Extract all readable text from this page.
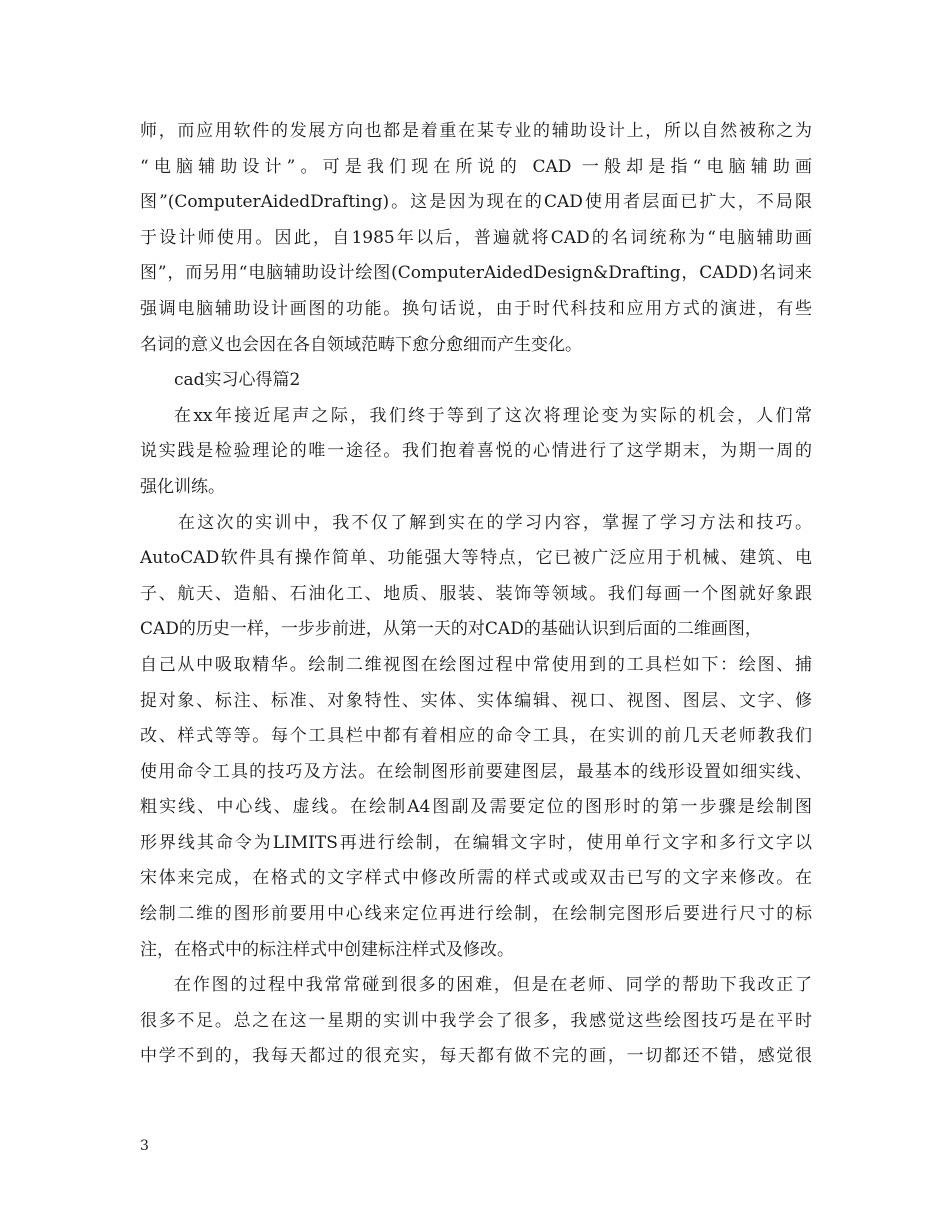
师，而应用软件的发展方向也都是着重在某专业的辅助设计上，所以自然被称之为
“电脑辅助设计”。可是我们现在所说的 CAD 一般却是指“电脑辅助画
图”(ComputerAidedDrafting)。这是因为现在的CAD使用者层面已扩大，不局限
于设计师使用。因此，自1985年以后，普遍就将CAD的名词统称为“电脑辅助画
图”，而另用“电脑辅助设计绘图(ComputerAidedDesign&Drafting，CADD)名词来
强调电脑辅助设计画图的功能。换句话说，由于时代科技和应用方式的演进，有些
名词的意义也会因在各自领域范畴下愈分愈细而产生变化。
cad实习心得篇2
在xx年接近尾声之际，我们终于等到了这次将理论变为实际的机会，人们常
说实践是检验理论的唯一途径。我们抱着喜悦的心情进行了这学期末，为期一周的
强化训练。
在这次的实训中，我不仅了解到实在的学习内容，掌握了学习方法和技巧。
AutoCAD软件具有操作简单、功能强大等特点，它已被广泛应用于机械、建筑、电
子、航天、造船、石油化工、地质、服装、装饰等领域。我们每画一个图就好象跟
CAD的历史一样，一步步前进，从第一天的对CAD的基础认识到后面的二维画图，
自己从中吸取精华。绘制二维视图在绘图过程中常使用到的工具栏如下：绘图、捕
捉对象、标注、标准、对象特性、实体、实体编辑、视口、视图、图层、文字、修
改、样式等等。每个工具栏中都有着相应的命令工具，在实训的前几天老师教我们
使用命令工具的技巧及方法。在绘制图形前要建图层，最基本的线形设置如细实线、
粗实线、中心线、虚线。在绘制A4图副及需要定位的图形时的第一步骤是绘制图
形界线其命令为LIMITS再进行绘制，在编辑文字时，使用单行文字和多行文字以
宋体来完成，在格式的文字样式中修改所需的样式或或双击已写的文字来修改。在
绘制二维的图形前要用中心线来定位再进行绘制，在绘制完图形后要进行尺寸的标
注，在格式中的标注样式中创建标注样式及修改。
在作图的过程中我常常碰到很多的困难，但是在老师、同学的帮助下我改正了
很多不足。总之在这一星期的实训中我学会了很多，我感觉这些绘图技巧是在平时
中学不到的，我每天都过的很充实，每天都有做不完的画，一切都还不错，感觉很
3
